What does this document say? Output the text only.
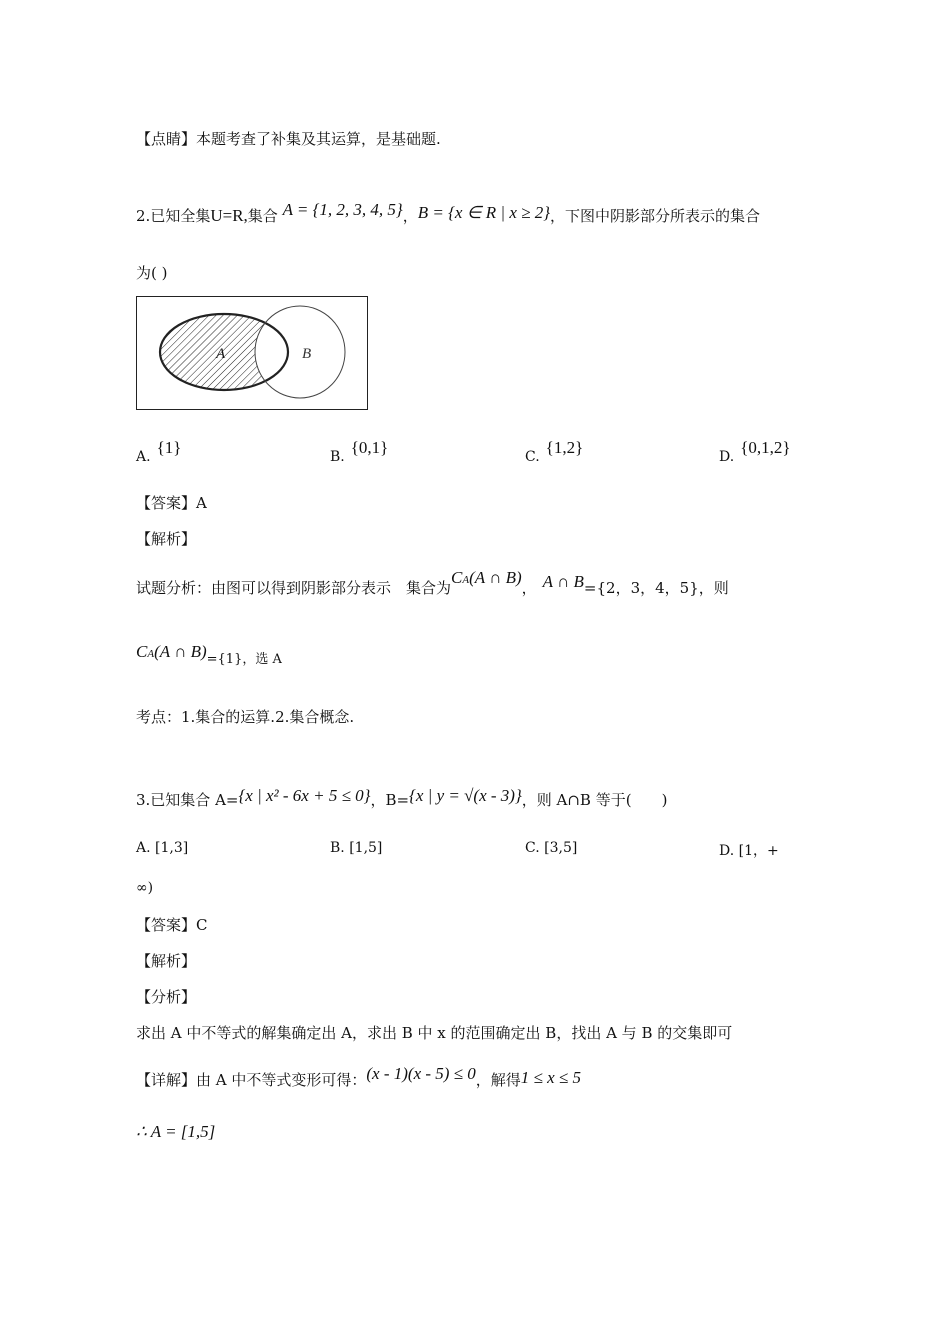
【点睛】本题考查了补集及其运算，是基础题.
2.已知全集U=R,集合 A = {1, 2, 3, 4, 5}，B = {x ∈ R | x ≥ 2}，下图中阴影部分所表示的集合
为( )
A	B
A. {1}	B. {0,1}	C. {1,2}	D. {0,1,2}
【答案】A
【解析】
试题分析：由图可以得到阴影部分表示　集合为CA(A ∩ B)， A ∩ B={2，3，4，5}，则
CA(A ∩ B)={1}，选 A
考点：1.集合的运算.2.集合概念.
3.已知集合 A={x | x² - 6x + 5 ≤ 0}，B={x | y = √(x - 3)}，则 A∩B 等于(　　)
A. [1,3]	B. [1,5]	C. [3,5]	D. [1，+
∞)
【答案】C
【解析】
【分析】
求出 A 中不等式的解集确定出 A，求出 B 中 x 的范围确定出 B，找出 A 与 B 的交集即可
【详解】由 A 中不等式变形可得：(x - 1)(x - 5) ≤ 0，解得1 ≤ x ≤ 5
∴ A = [1,5]
